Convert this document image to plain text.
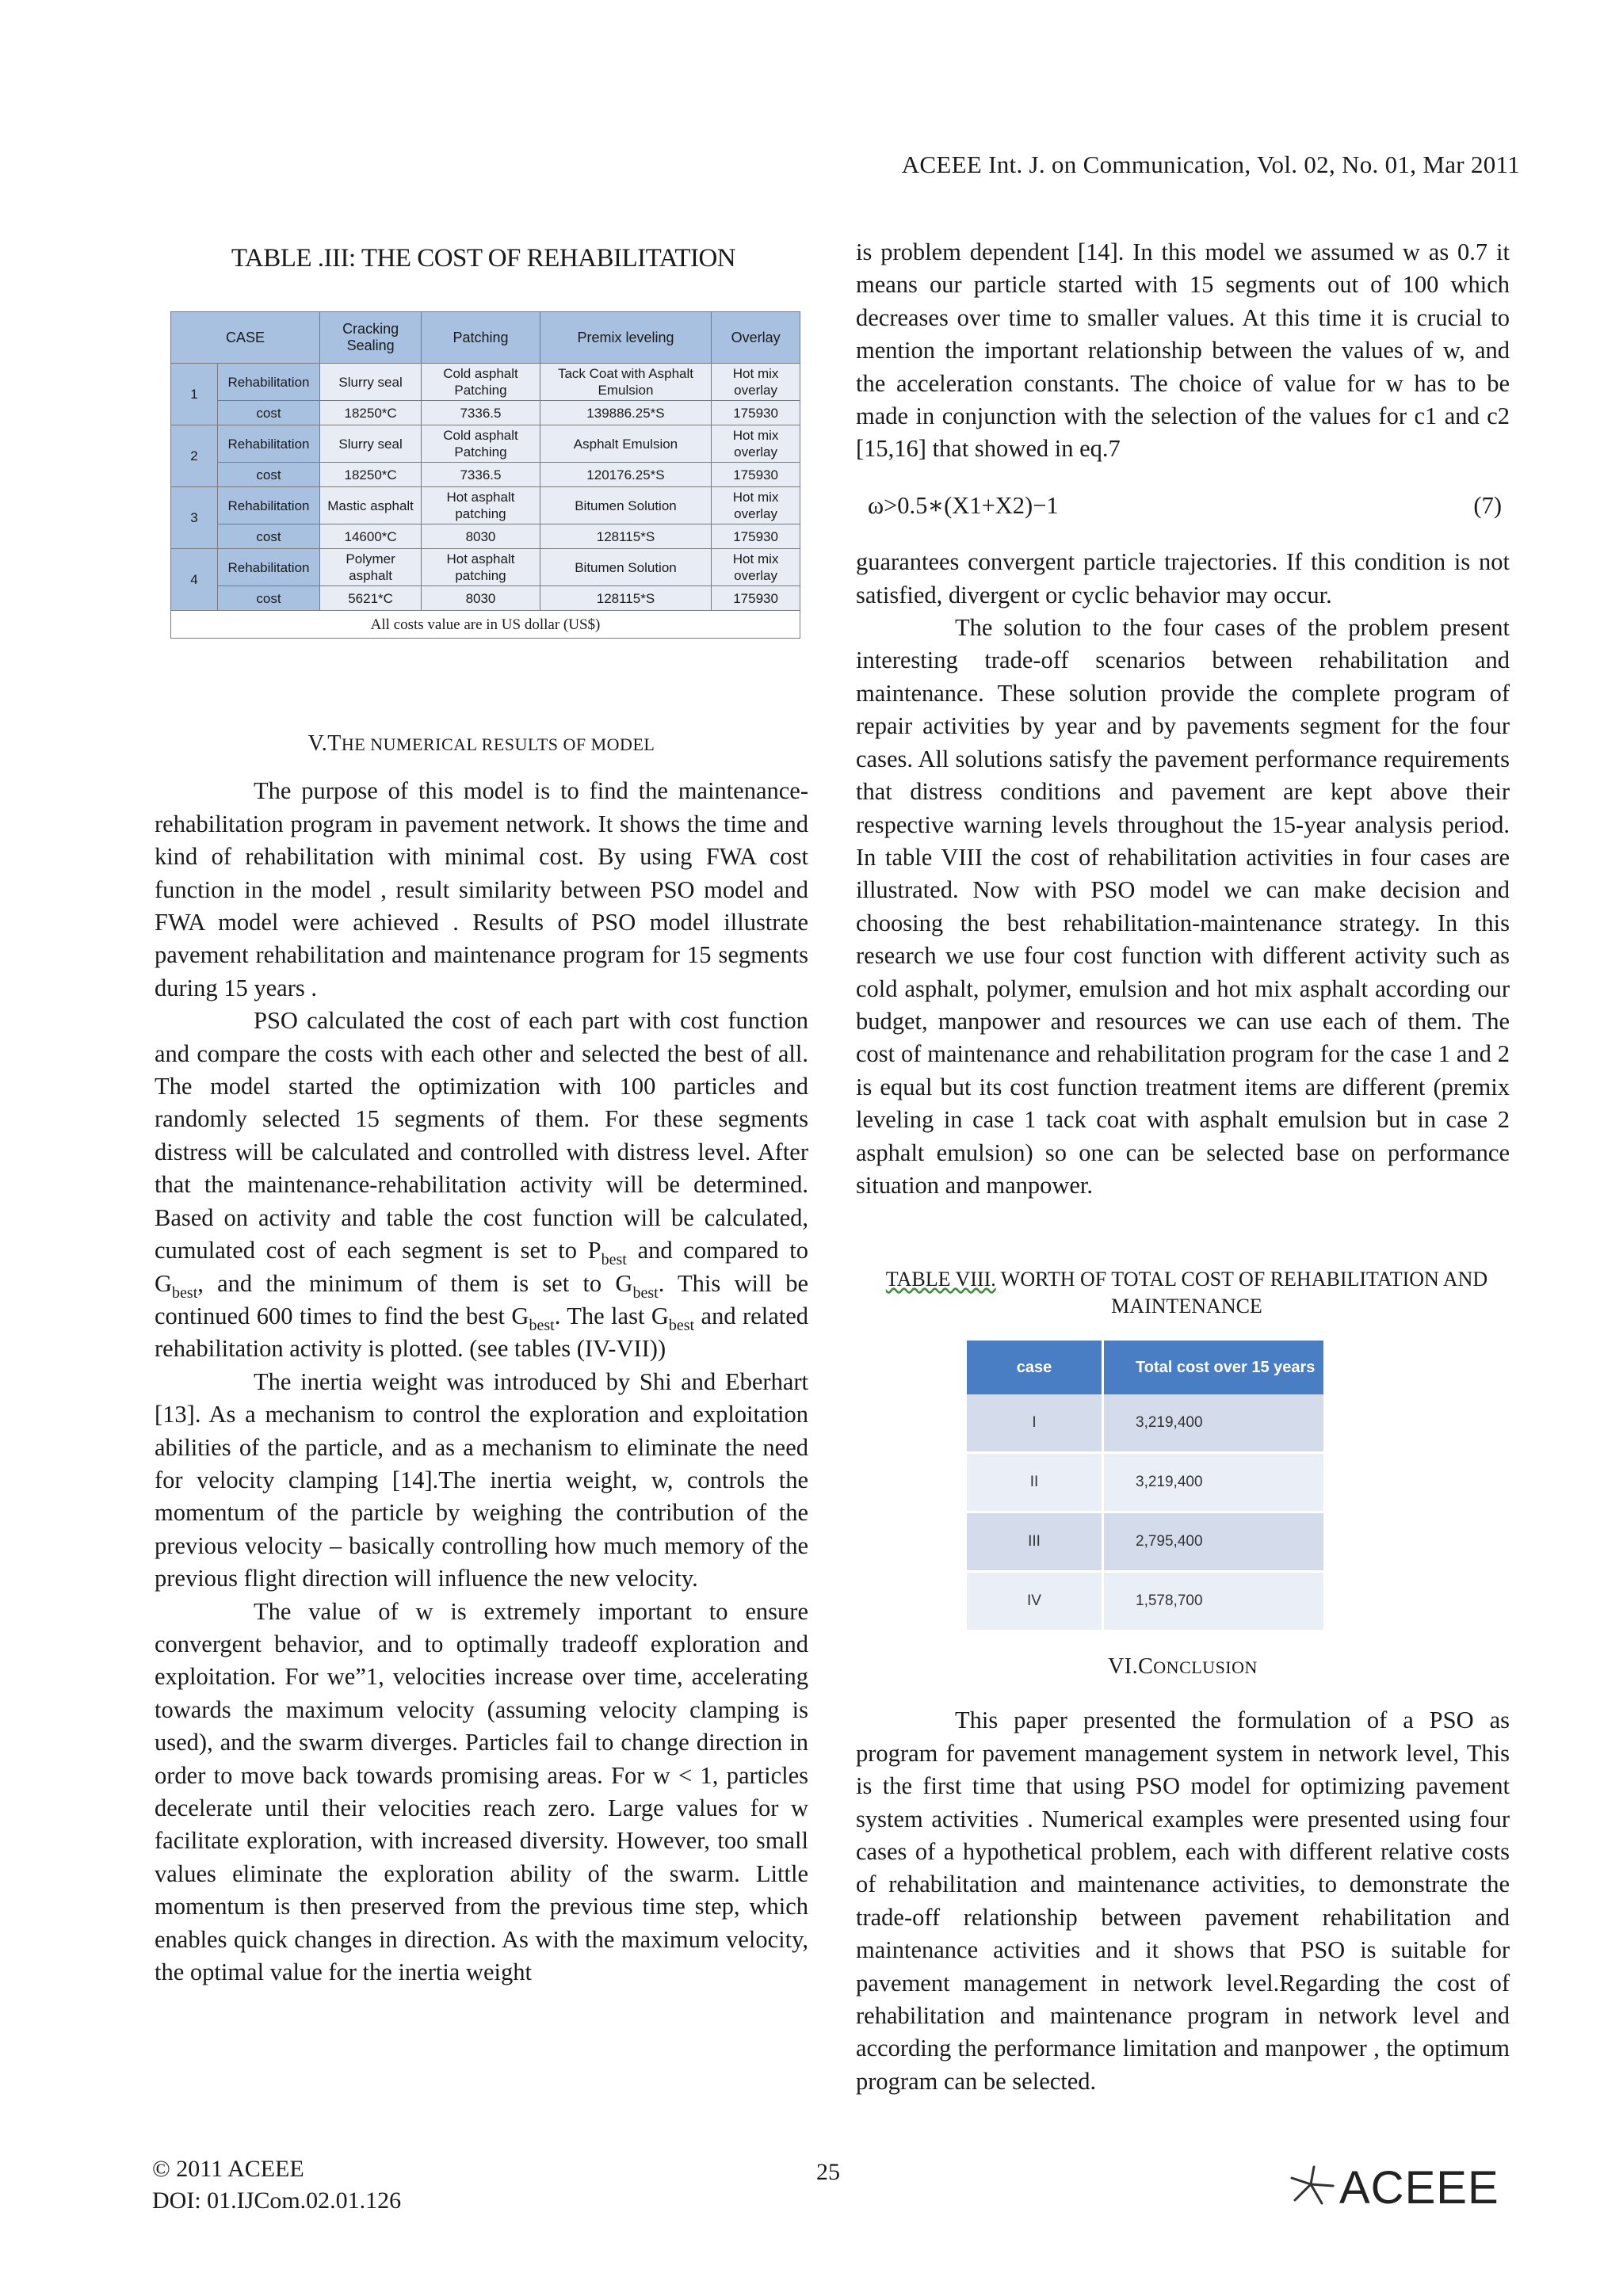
ACEEE Int. J. on Communication, Vol. 02, No. 01, Mar 2011
TABLE .III: THE COST OF REHABILITATION
CASE		Cracking Sealing	Patching	Premix leveling	Overlay
1	Rehabilitation	Slurry seal	Cold asphalt Patching	Tack Coat with Asphalt Emulsion	Hot mix overlay
	cost	18250*C	7336.5	139886.25*S	175930
2	Rehabilitation	Slurry seal	Cold asphalt Patching	Asphalt Emulsion	Hot mix overlay
	cost	18250*C	7336.5	120176.25*S	175930
3	Rehabilitation	Mastic asphalt	Hot asphalt patching	Bitumen Solution	Hot mix overlay
	cost	14600*C	8030	128115*S	175930
4	Rehabilitation	Polymer asphalt	Hot asphalt patching	Bitumen Solution	Hot mix overlay
	cost	5621*C	8030	128115*S	175930
All costs value are in US dollar (US$)					

V.THE NUMERICAL RESULTS OF MODEL

The purpose of this model is to find the maintenance-rehabilitation program in pavement network. It shows the time and kind of rehabilitation with minimal cost. By using FWA cost function in the model , result similarity between PSO model and FWA model were achieved . Results of PSO model illustrate pavement rehabilitation and maintenance program for 15 segments during 15 years .

PSO calculated the cost of each part with cost function and compare the costs with each other and selected the best of all. The model started the optimization with 100 particles and randomly selected 15 segments of them. For these segments distress will be calculated and controlled with distress level. After that the maintenance-rehabilitation activity will be determined. Based on activity and table the cost function will be calculated, cumulated cost of each segment is set to $P_{best}$ and compared to $G_{best}$, and the minimum of them is set to $G_{best}$. This will be continued 600 times to find the best $G_{best}$. The last $G_{best}$ and related rehabilitation activity is plotted. (see tables (IV-VII))

The inertia weight was introduced by Shi and Eberhart [13]. As a mechanism to control the exploration and exploitation abilities of the particle, and as a mechanism to eliminate the need for velocity clamping [14].The inertia weight, w, controls the momentum of the particle by weighing the contribution of the previous velocity – basically controlling how much memory of the previous flight direction will influence the new velocity.

The value of w is extremely important to ensure convergent behavior, and to optimally tradeoff exploration and exploitation. For we”1, velocities increase over time, accelerating towards the maximum velocity (assuming velocity clamping is used), and the swarm diverges. Particles fail to change direction in order to move back towards promising areas. For w < 1, particles decelerate until their velocities reach zero. Large values for w facilitate exploration, with increased diversity. However, too small values eliminate the exploration ability of the swarm. Little momentum is then preserved from the previous time step, which enables quick changes in direction. As with the maximum velocity, the optimal value for the inertia weight

is problem dependent [14]. In this model we assumed w as 0.7 it means our particle started with 15 segments out of 100 which decreases over time to smaller values. At this time it is crucial to mention the important relationship between the values of w, and the acceleration constants. The choice of value for w has to be made in conjunction with the selection of the values for c1 and c2 [15,16] that showed in eq.7

ω>0.5∗(X1+X2)−1	(7)

guarantees convergent particle trajectories. If this condition is not satisfied, divergent or cyclic behavior may occur.

The solution to the four cases of the problem present interesting trade-off scenarios between rehabilitation and maintenance. These solution provide the complete program of repair activities by year and by pavements segment for the four cases. All solutions satisfy the pavement performance requirements that distress conditions and pavement are kept above their respective warning levels throughout the 15-year analysis period. In table VIII the cost of rehabilitation activities in four cases are illustrated. Now with PSO model we can make decision and choosing the best rehabilitation-maintenance strategy. In this research we use four cost function with different activity such as cold asphalt, polymer, emulsion and hot mix asphalt according our budget, manpower and resources we can use each of them. The cost of maintenance and rehabilitation program for the case 1 and 2 is equal but its cost function treatment items are different (premix leveling in case 1 tack coat with asphalt emulsion but in case 2 asphalt emulsion) so one can be selected base on performance situation and manpower.

TABLE VIII. WORTH OF TOTAL COST OF REHABILITATION AND MAINTENANCE
case	Total cost over 15 years
I	3,219,400
II	3,219,400
III	2,795,400
IV	1,578,700

VI.CONCLUSION

This paper presented the formulation of a PSO as program for pavement management system in network level, This is the first time that using PSO model for optimizing pavement system activities . Numerical examples were presented using four cases of a hypothetical problem, each with different relative costs of rehabilitation and maintenance activities, to demonstrate the trade-off relationship between pavement rehabilitation and maintenance activities and it shows that PSO is suitable for pavement management in network level.Regarding the cost of rehabilitation and maintenance program in network level and according the performance limitation and manpower , the optimum program can be selected.

© 2011 ACEEE
DOI: 01.IJCom.02.01.126
25	ACEEE
